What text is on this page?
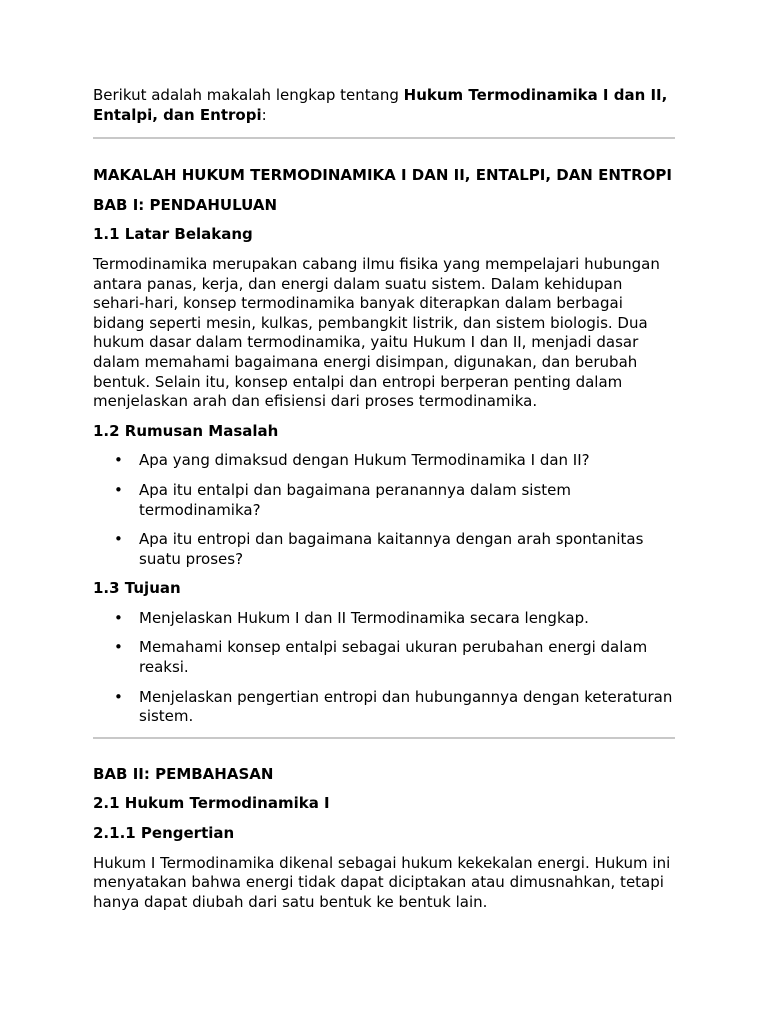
Berikut adalah makalah lengkap tentang Hukum Termodinamika I dan II, Entalpi, dan Entropi:

MAKALAH HUKUM TERMODINAMIKA I DAN II, ENTALPI, DAN ENTROPI
BAB I: PENDAHULUAN
1.1 Latar Belakang

Termodinamika merupakan cabang ilmu fisika yang mempelajari hubungan antara panas, kerja, dan energi dalam suatu sistem. Dalam kehidupan sehari-hari, konsep termodinamika banyak diterapkan dalam berbagai bidang seperti mesin, kulkas, pembangkit listrik, dan sistem biologis. Dua hukum dasar dalam termodinamika, yaitu Hukum I dan II, menjadi dasar dalam memahami bagaimana energi disimpan, digunakan, dan berubah bentuk. Selain itu, konsep entalpi dan entropi berperan penting dalam menjelaskan arah dan efisiensi dari proses termodinamika.

1.2 Rumusan Masalah
• Apa yang dimaksud dengan Hukum Termodinamika I dan II?
• Apa itu entalpi dan bagaimana peranannya dalam sistem termodinamika?
• Apa itu entropi dan bagaimana kaitannya dengan arah spontanitas suatu proses?
1.3 Tujuan
• Menjelaskan Hukum I dan II Termodinamika secara lengkap.
• Memahami konsep entalpi sebagai ukuran perubahan energi dalam reaksi.
• Menjelaskan pengertian entropi dan hubungannya dengan keteraturan sistem.
BAB II: PEMBAHASAN
2.1 Hukum Termodinamika I
2.1.1 Pengertian

Hukum I Termodinamika dikenal sebagai hukum kekekalan energi. Hukum ini menyatakan bahwa energi tidak dapat diciptakan atau dimusnahkan, tetapi hanya dapat diubah dari satu bentuk ke bentuk lain.
